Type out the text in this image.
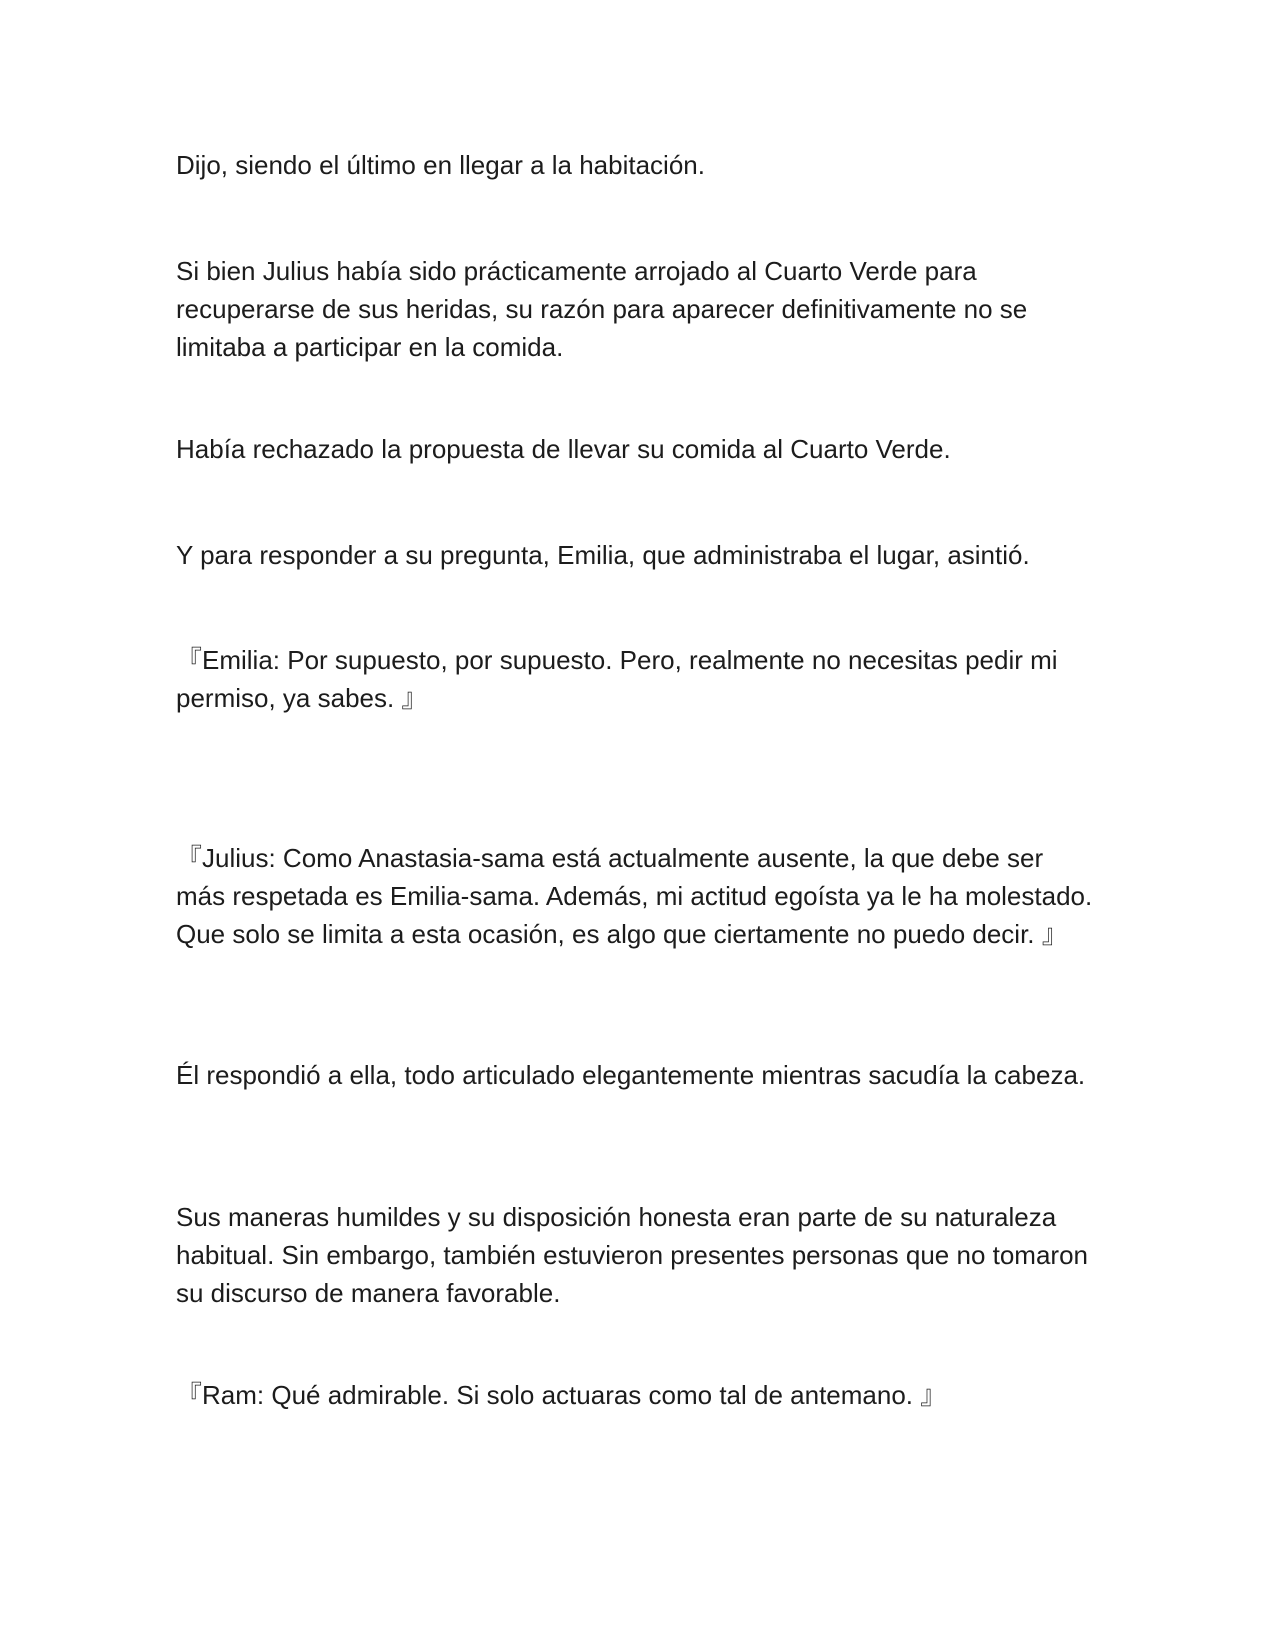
Dijo, siendo el último en llegar a la habitación.

Si bien Julius había sido prácticamente arrojado al Cuarto Verde para recuperarse de sus heridas, su razón para aparecer definitivamente no se limitaba a participar en la comida.

Había rechazado la propuesta de llevar su comida al Cuarto Verde.

Y para responder a su pregunta, Emilia, que administraba el lugar, asintió.

『Emilia: Por supuesto, por supuesto. Pero, realmente no necesitas pedir mi permiso, ya sabes. 』

『Julius: Como Anastasia-sama está actualmente ausente, la que debe ser más respetada es Emilia-sama. Además, mi actitud egoísta ya le ha molestado. Que solo se limita a esta ocasión, es algo que ciertamente no puedo decir. 』

Él respondió a ella, todo articulado elegantemente mientras sacudía la cabeza.

Sus maneras humildes y su disposición honesta eran parte de su naturaleza habitual. Sin embargo, también estuvieron presentes personas que no tomaron su discurso de manera favorable.

『Ram: Qué admirable. Si solo actuaras como tal de antemano. 』
